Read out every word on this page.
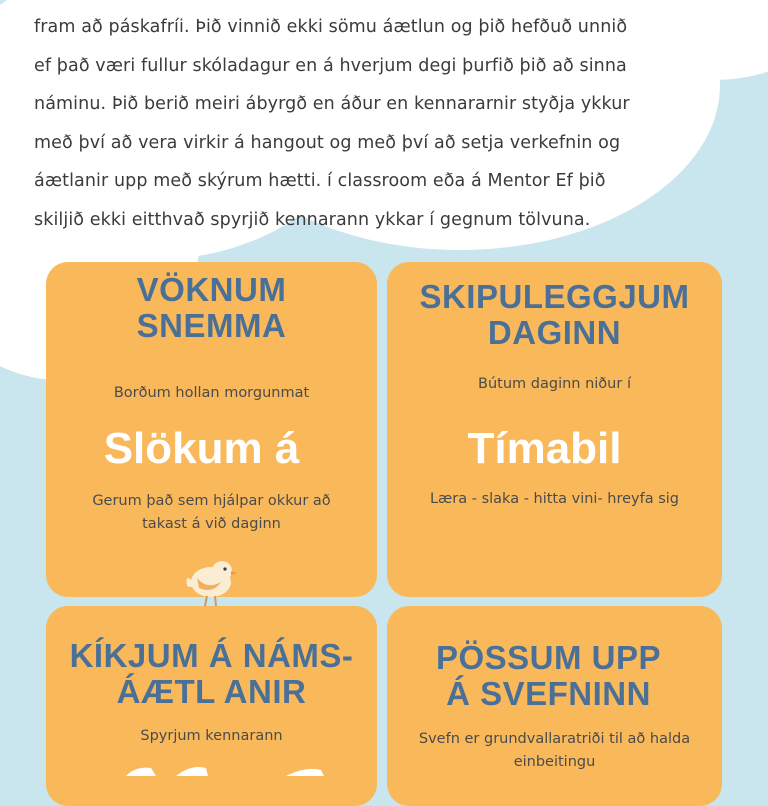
fram að páskafríi. Þið vinnið ekki sömu áætlun og þið hefðuð unnið

ef það væri fullur skóladagur en á hverjum degi þurfið þið að sinna

náminu. Þið berið meiri ábyrgð en áður en kennararnir styðja ykkur

með því að vera virkir á hangout og með því að setja verkefnin og

áætlanir upp með skýrum hætti. í classroom eða á Mentor Ef þið

skiljið ekki eitthvað spyrjið kennarann ykkar í gegnum tölvuna.

VÖKNUM
SNEMMA
Borðum hollan morgunmat
Slökum á
Gerum það sem hjálpar okkur að
takast á við daginn
SKIPULEGGJUM
DAGINN
Bútum daginn niður í
Tímabil
Læra - slaka - hitta vini- hreyfa sig
KÍKJUM Á NÁMS-
ÁÆTL ANIR
Spyrjum kennarann
PÖSSUM UPP
Á SVEFNINN
Svefn er grundvallaratriði til að halda
einbeitingu
